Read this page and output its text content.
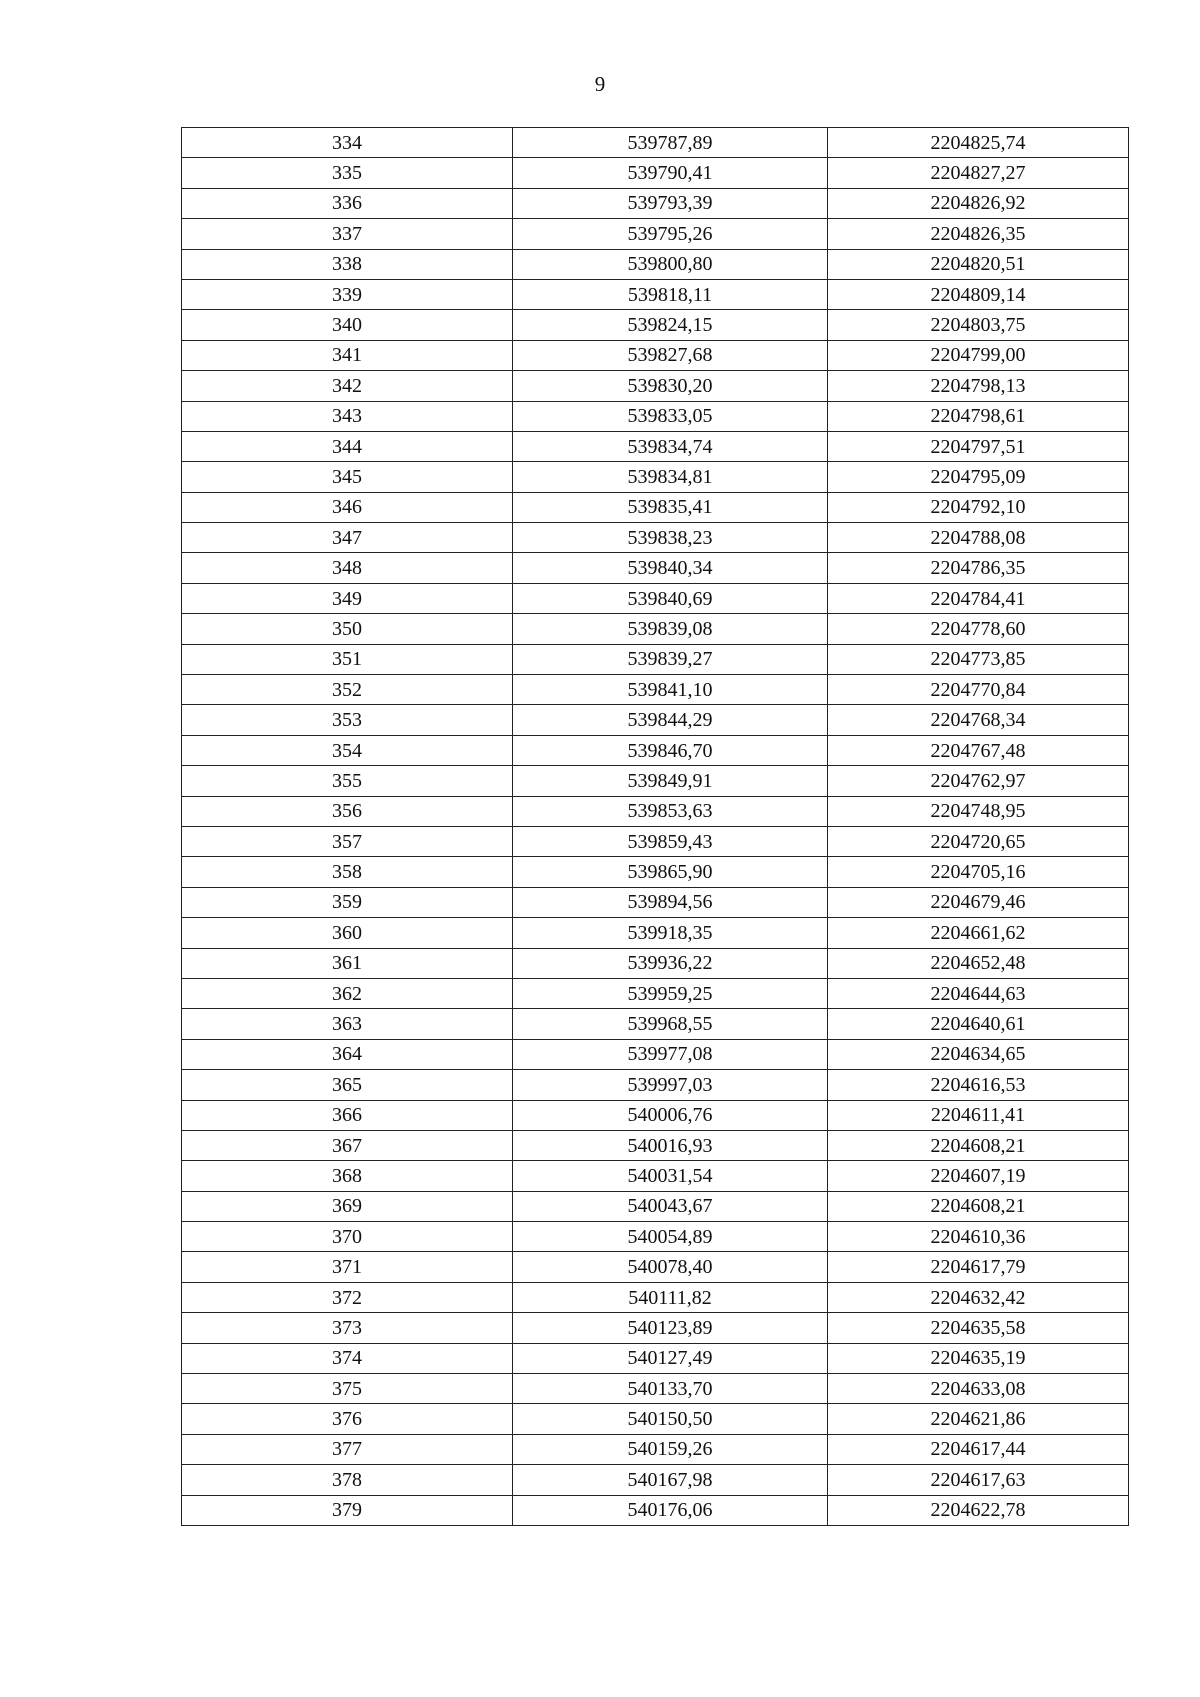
9
334	539787,89	2204825,74
335	539790,41	2204827,27
336	539793,39	2204826,92
337	539795,26	2204826,35
338	539800,80	2204820,51
339	539818,11	2204809,14
340	539824,15	2204803,75
341	539827,68	2204799,00
342	539830,20	2204798,13
343	539833,05	2204798,61
344	539834,74	2204797,51
345	539834,81	2204795,09
346	539835,41	2204792,10
347	539838,23	2204788,08
348	539840,34	2204786,35
349	539840,69	2204784,41
350	539839,08	2204778,60
351	539839,27	2204773,85
352	539841,10	2204770,84
353	539844,29	2204768,34
354	539846,70	2204767,48
355	539849,91	2204762,97
356	539853,63	2204748,95
357	539859,43	2204720,65
358	539865,90	2204705,16
359	539894,56	2204679,46
360	539918,35	2204661,62
361	539936,22	2204652,48
362	539959,25	2204644,63
363	539968,55	2204640,61
364	539977,08	2204634,65
365	539997,03	2204616,53
366	540006,76	2204611,41
367	540016,93	2204608,21
368	540031,54	2204607,19
369	540043,67	2204608,21
370	540054,89	2204610,36
371	540078,40	2204617,79
372	540111,82	2204632,42
373	540123,89	2204635,58
374	540127,49	2204635,19
375	540133,70	2204633,08
376	540150,50	2204621,86
377	540159,26	2204617,44
378	540167,98	2204617,63
379	540176,06	2204622,78
